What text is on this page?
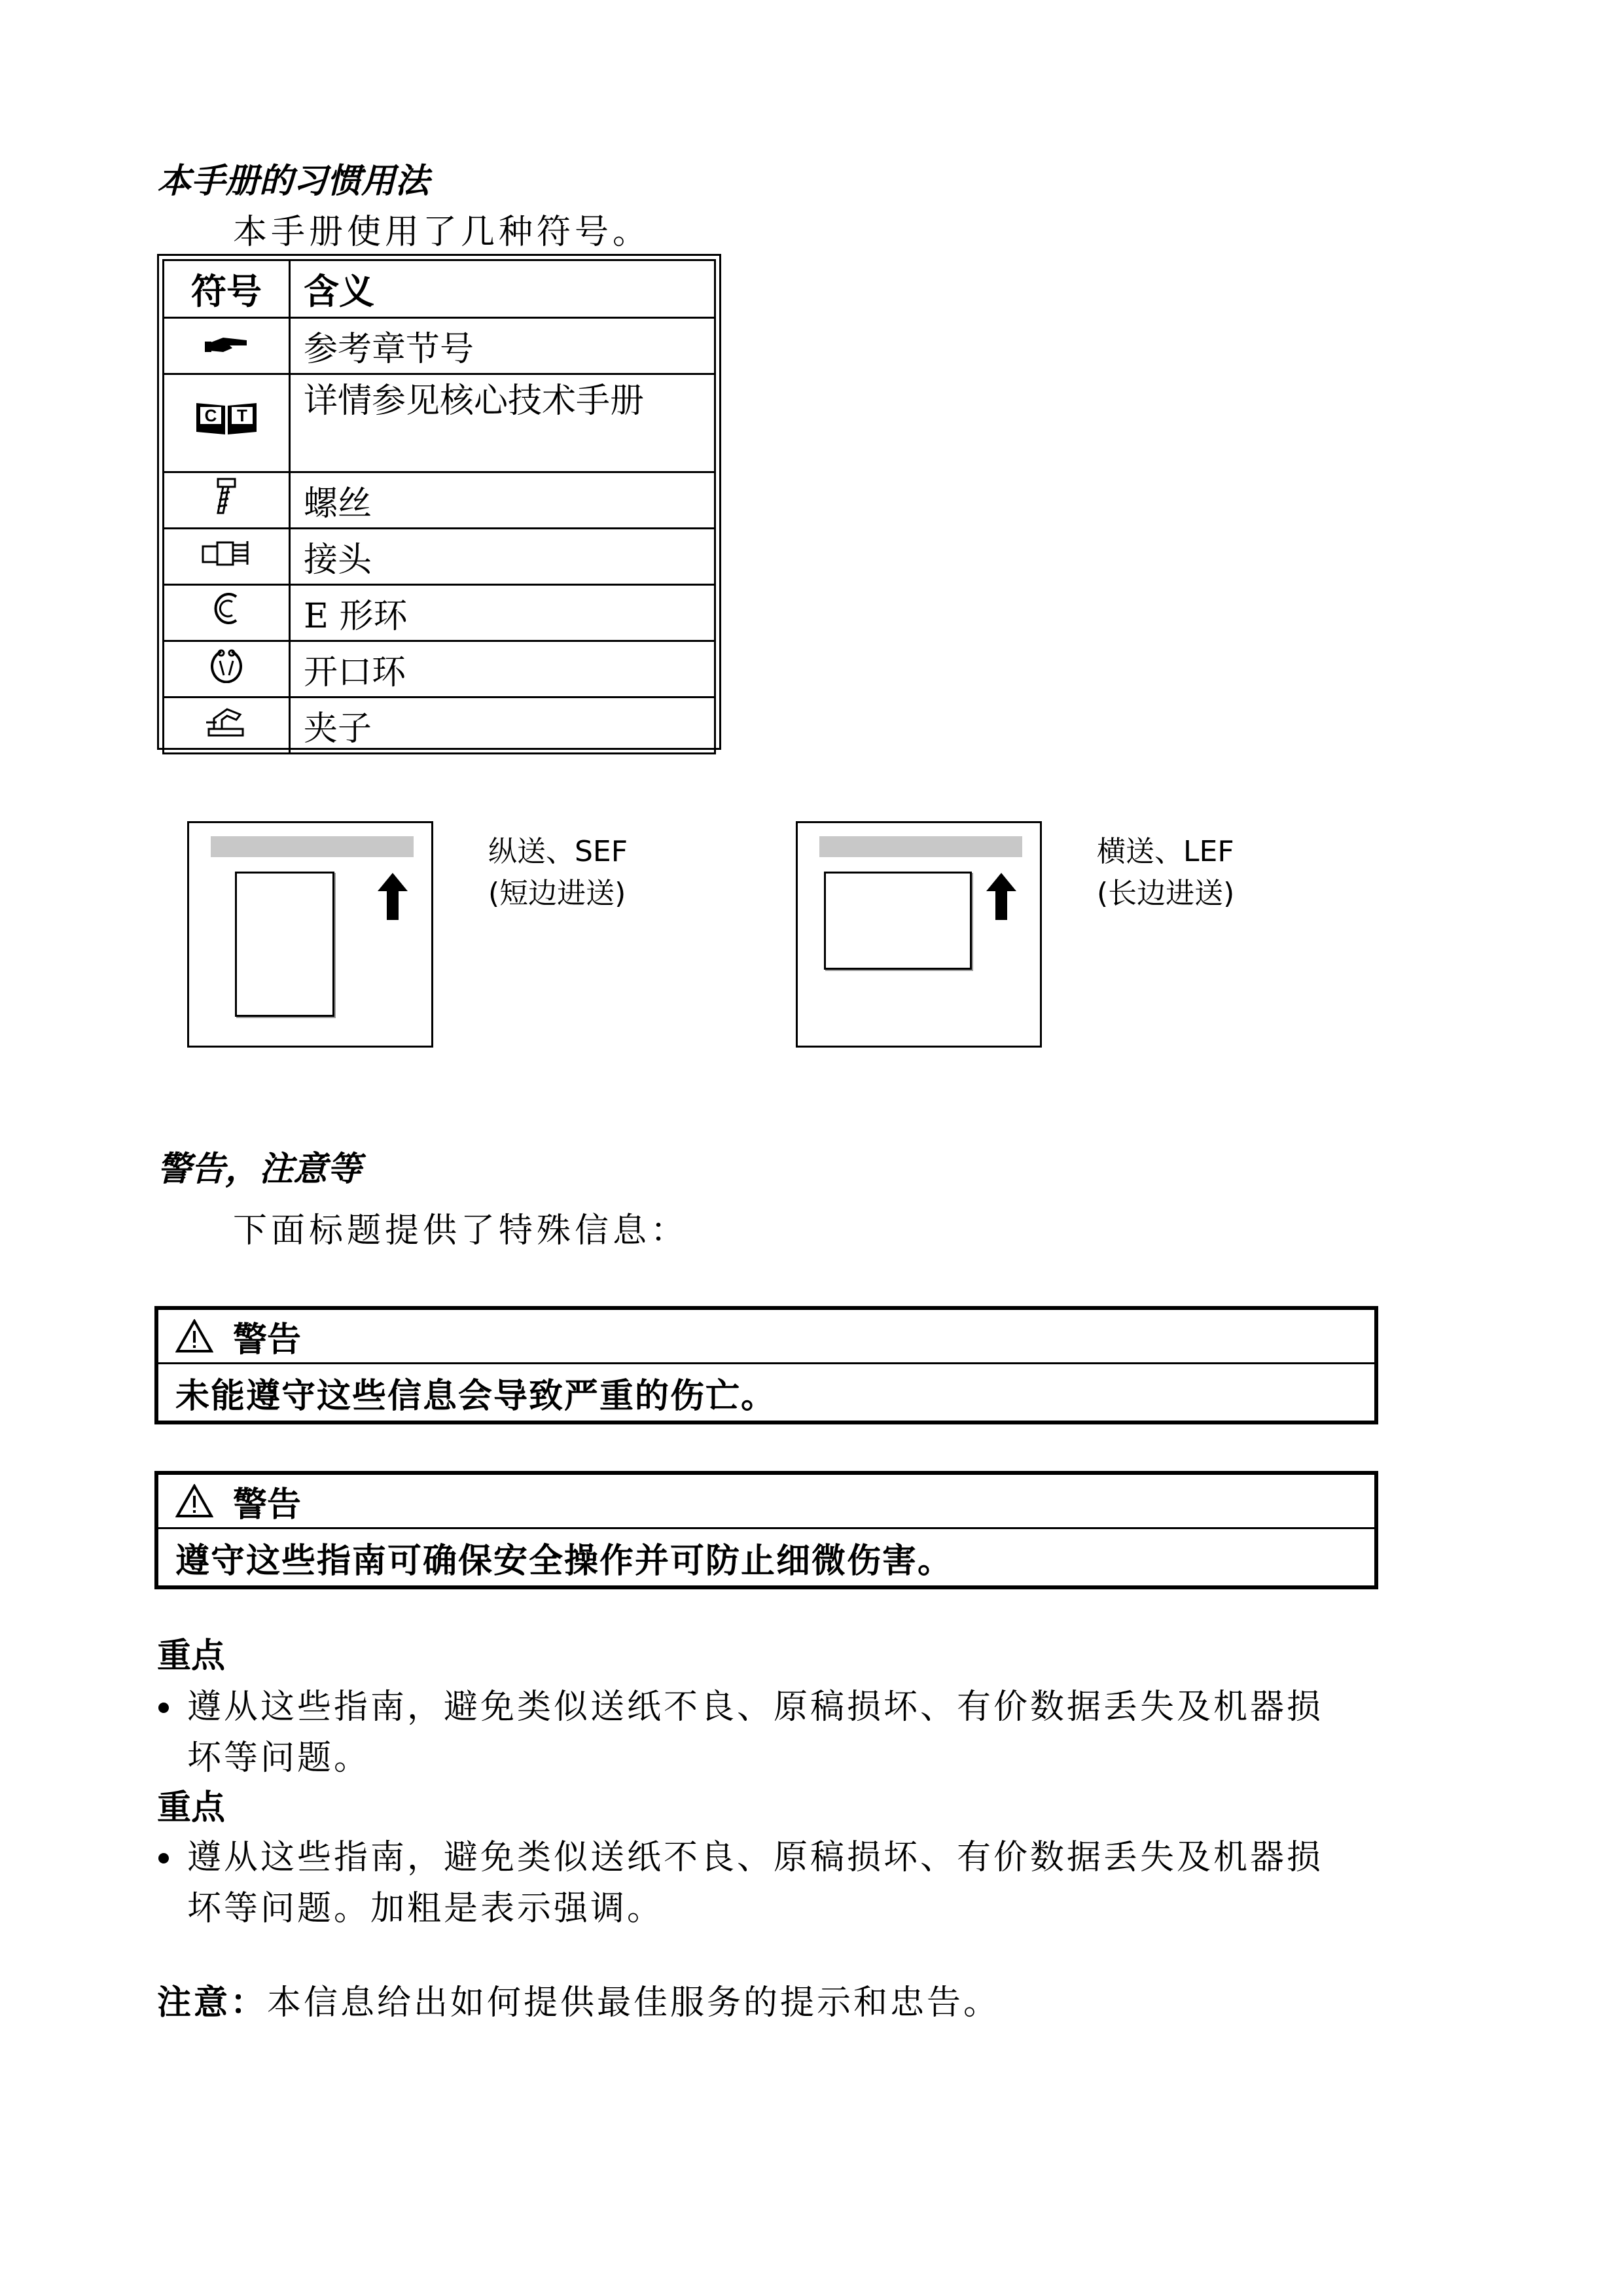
本手册的习惯用法
本手册使用了几种符号。
符号	含义
	参考章节号

C T	详情参见核心技术手册
	螺丝
	接头
	E 形环
	开口环
	夹子
纵送、SEF
(短边进送)
横送、LEF
(长边进送)
警告，注意等
下面标题提供了特殊信息：
警告
未能遵守这些信息会导致严重的伤亡。
警告
遵守这些指南可确保安全操作并可防止细微伤害。
重点
遵从这些指南，避免类似送纸不良、原稿损坏、有价数据丢失及机器损
坏等问题。
重点
遵从这些指南，避免类似送纸不良、原稿损坏、有价数据丢失及机器损
坏等问题。加粗是表示强调。
注意：本信息给出如何提供最佳服务的提示和忠告。
